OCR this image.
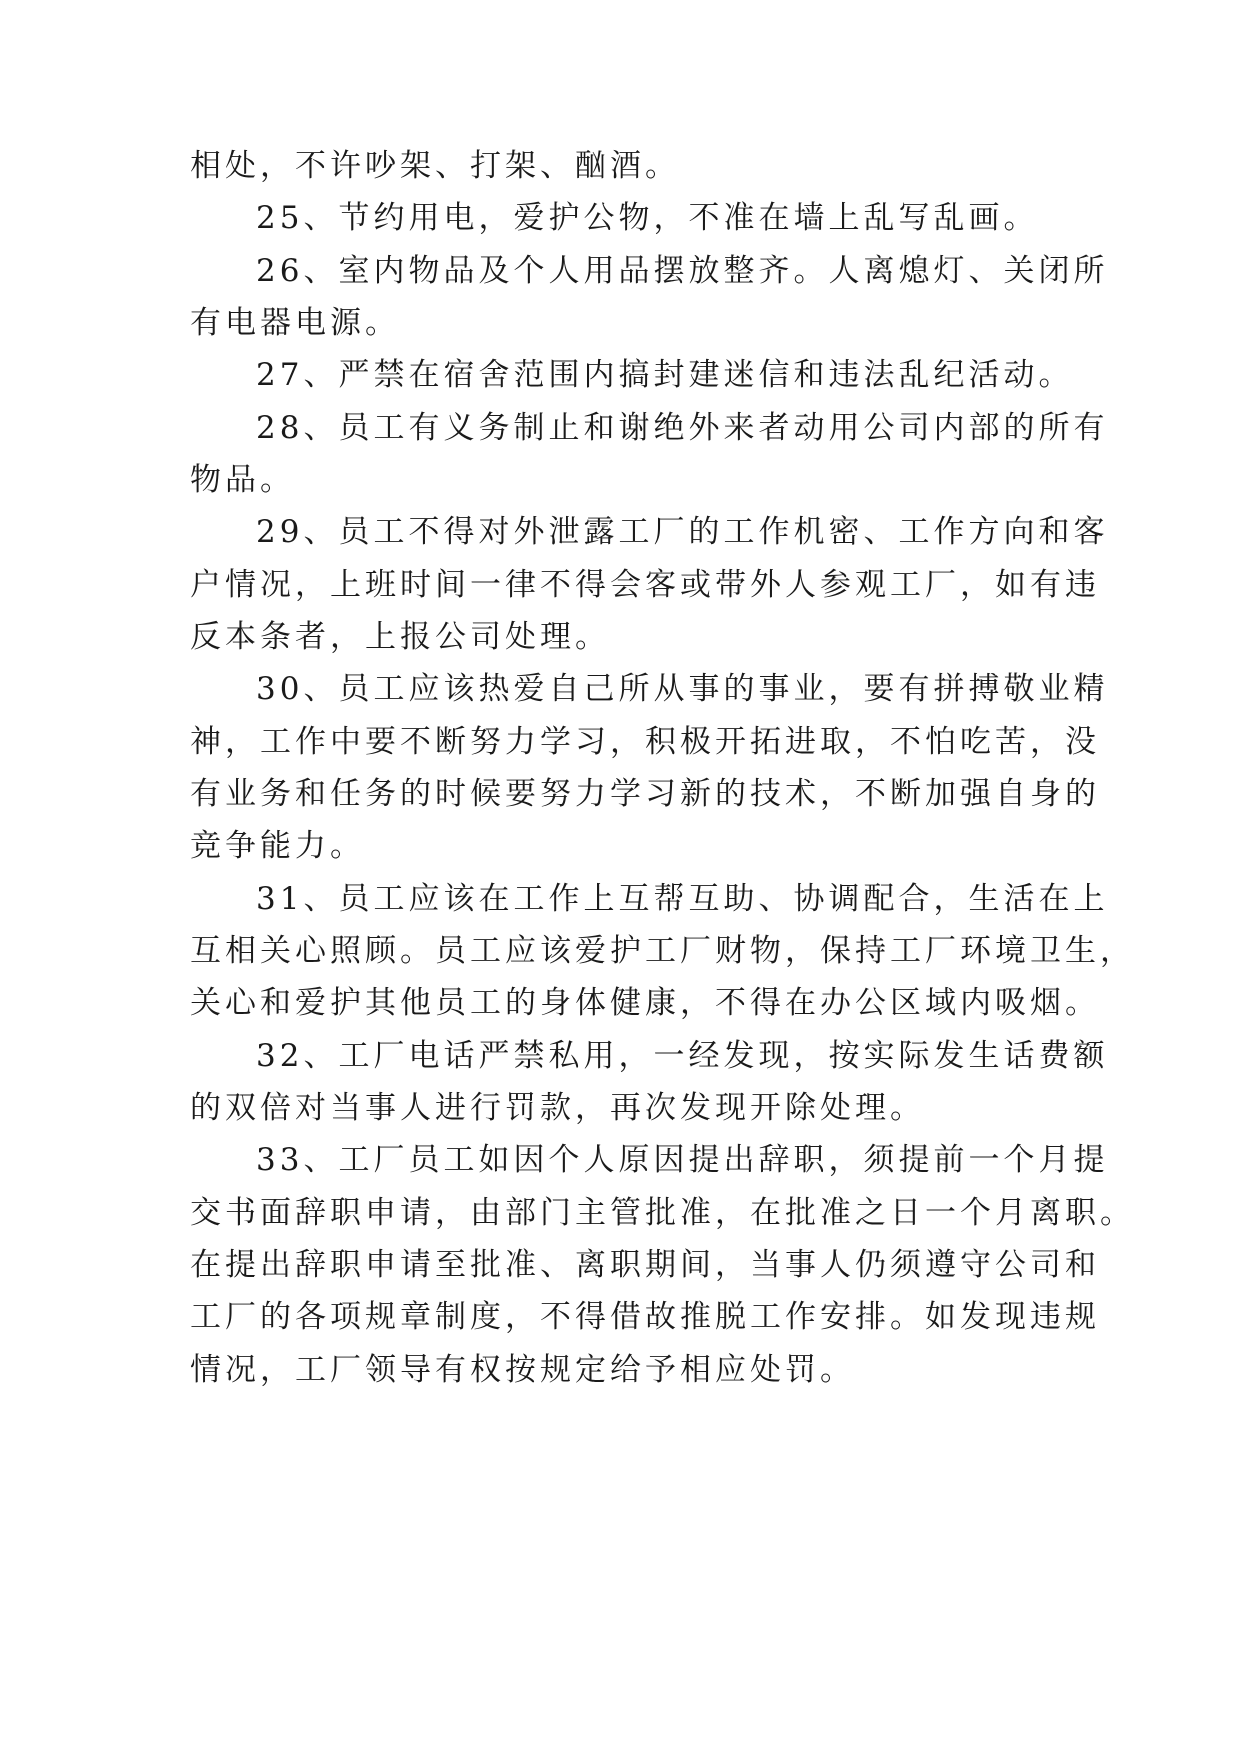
相处，不许吵架、打架、酗酒。
25、节约用电，爱护公物，不准在墙上乱写乱画。
26、室内物品及个人用品摆放整齐。人离熄灯、关闭所
有电器电源。
27、严禁在宿舍范围内搞封建迷信和违法乱纪活动。
28、员工有义务制止和谢绝外来者动用公司内部的所有
物品。
29、员工不得对外泄露工厂的工作机密、工作方向和客
户情况，上班时间一律不得会客或带外人参观工厂，如有违
反本条者，上报公司处理。
30、员工应该热爱自己所从事的事业，要有拼搏敬业精
神，工作中要不断努力学习，积极开拓进取，不怕吃苦，没
有业务和任务的时候要努力学习新的技术，不断加强自身的
竞争能力。
31、员工应该在工作上互帮互助、协调配合，生活在上
互相关心照顾。员工应该爱护工厂财物，保持工厂环境卫生，
关心和爱护其他员工的身体健康，不得在办公区域内吸烟。
32、工厂电话严禁私用，一经发现，按实际发生话费额
的双倍对当事人进行罚款，再次发现开除处理。
33、工厂员工如因个人原因提出辞职，须提前一个月提
交书面辞职申请，由部门主管批准，在批准之日一个月离职。
在提出辞职申请至批准、离职期间，当事人仍须遵守公司和
工厂的各项规章制度，不得借故推脱工作安排。如发现违规
情况，工厂领导有权按规定给予相应处罚。
